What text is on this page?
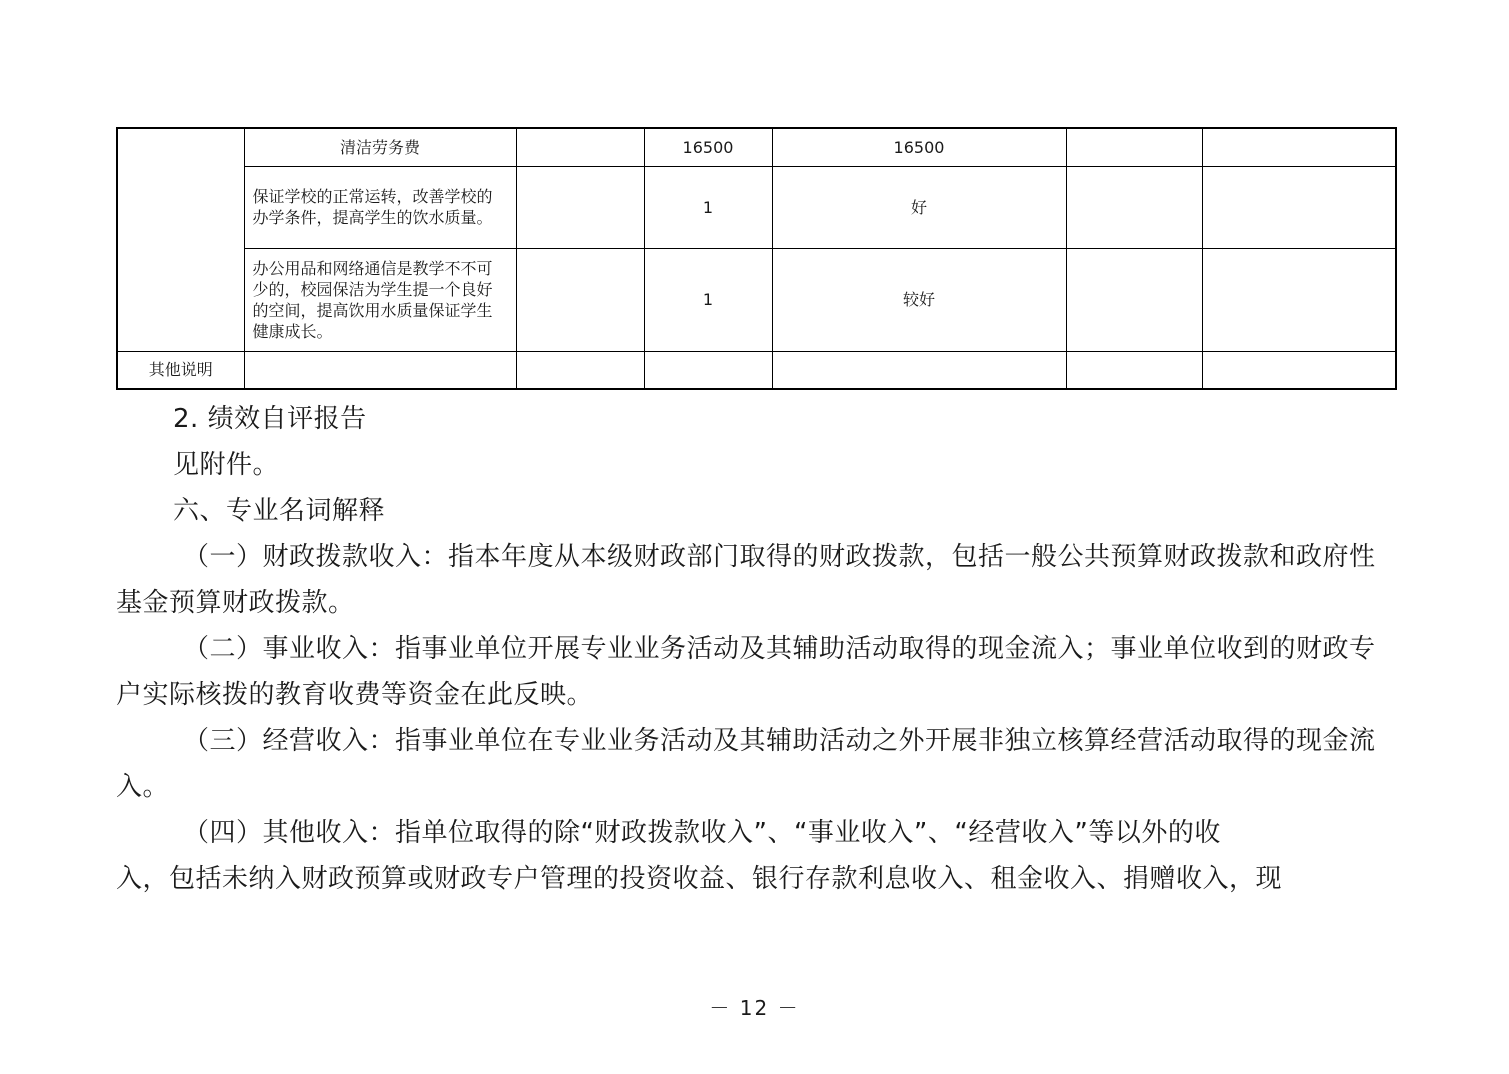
	清洁劳务费		16500	16500		
	保证学校的正常运转，改善学校的办学条件，提高学生的饮水质量。		1	好		
	办公用品和网络通信是教学不不可少的，校园保洁为学生提一个良好的空间，提高饮用水质量保证学生健康成长。		1	较好		
其他说明						

2. 绩效自评报告

见附件。

六、专业名词解释

（一）财政拨款收入：指本年度从本级财政部门取得的财政拨款，包括一般公共预算财政拨款和政府性基金预算财政拨款。

（二）事业收入：指事业单位开展专业业务活动及其辅助活动取得的现金流入；事业单位收到的财政专户实际核拨的教育收费等资金在此反映。

（三）经营收入：指事业单位在专业业务活动及其辅助活动之外开展非独立核算经营活动取得的现金流入。

（四）其他收入：指单位取得的除“财政拨款收入”、“事业收入”、“经营收入”等以外的收

入，包括未纳入财政预算或财政专户管理的投资收益、银行存款利息收入、租金收入、捐赠收入，现

－ 12 －
